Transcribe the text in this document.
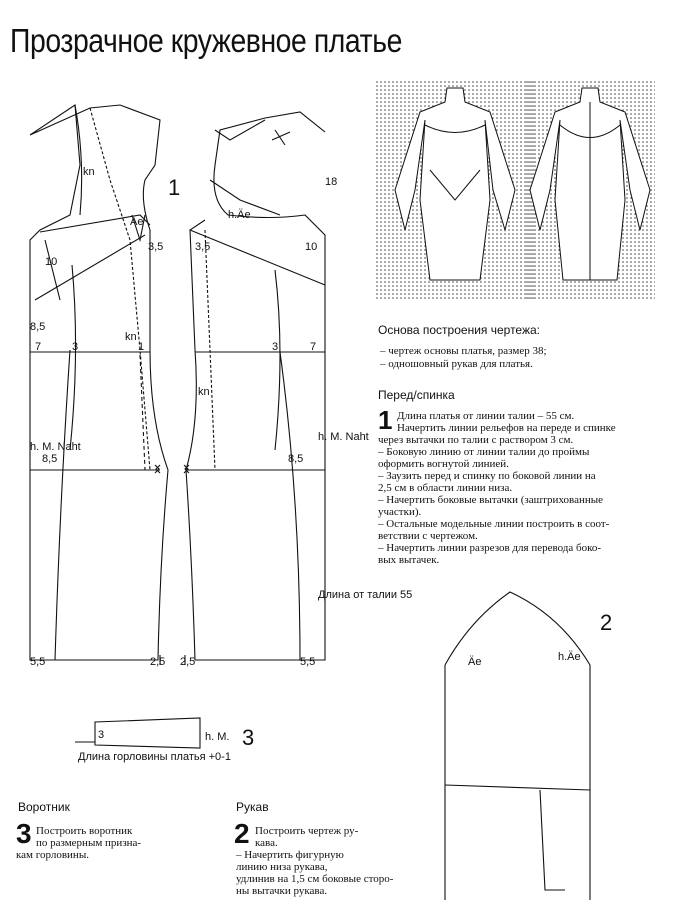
Прозрачное кружевное платье
1
kn
Äe
h.Äe
3,5	3,5
10
10
18
8,5
7	3
kn
1	3	7
kn
h. M. Naht
h. M. Naht
8,5	8,5
Длина от талии 55
5,5	2,5 2,5	5,5
3
Длина горловины платья +0-1
h. M.
3
2
Äe	h.Äe
Основа построения чертежа:
– чертеж основы платья, размер 38;
– одношовный рукав для платья.
Перед/спинка
1 Длина платья от линии талии – 55 см.
Начертить линии рельефов на переде и спинке
через вытачки по талии с раствором 3 см.
– Боковую линию от линии талии до проймы
оформить вогнутой линией.
– Заузить перед и спинку по боковой линии на
2,5 см в области линии низа.
– Начертить боковые вытачки (заштрихованные
участки).
– Остальные модельные линии построить в соот-
ветствии с чертежом.
– Начертить линии разрезов для перевода боко-
вых вытачек.
Воротник
3 Построить воротник
по размерным призна-
кам горловины.
Рукав
2 Построить чертеж ру-
кава.
– Начертить фигурную
линию низа рукава,
удлинив на 1,5 см боковые сторо-
ны вытачки рукава.
